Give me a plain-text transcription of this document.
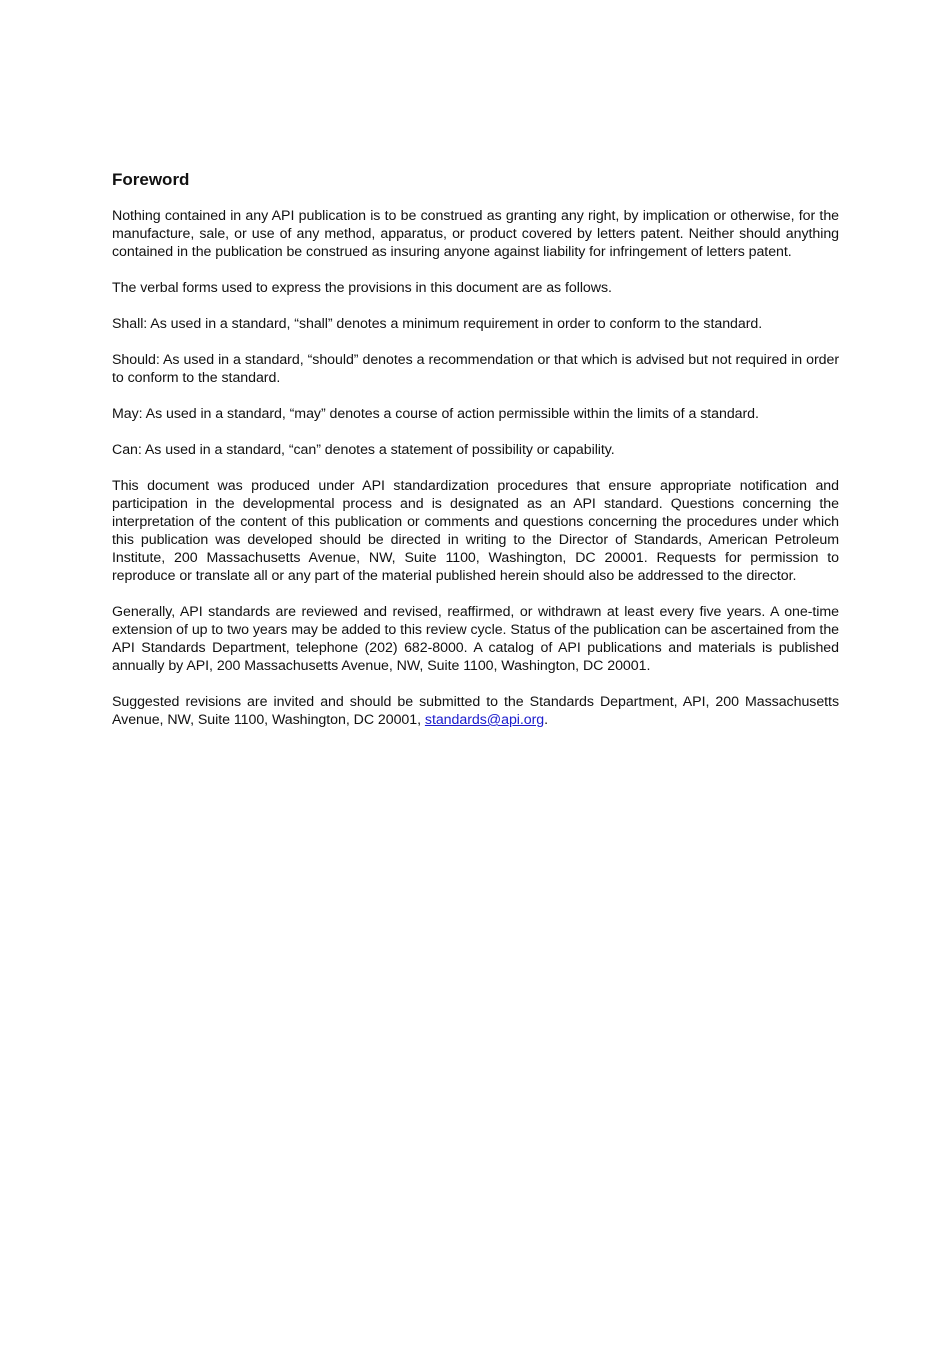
Foreword

Nothing contained in any API publication is to be construed as granting any right, by implication or otherwise, for the manufacture, sale, or use of any method, apparatus, or product covered by letters patent. Neither should anything contained in the publication be construed as insuring anyone against liability for infringement of letters patent.

The verbal forms used to express the provisions in this document are as follows.

Shall: As used in a standard, “shall” denotes a minimum requirement in order to conform to the standard.

Should: As used in a standard, “should” denotes a recommendation or that which is advised but not required in order to conform to the standard.

May: As used in a standard, “may” denotes a course of action permissible within the limits of a standard.

Can: As used in a standard, “can” denotes a statement of possibility or capability.

This document was produced under API standardization procedures that ensure appropriate notification and participation in the developmental process and is designated as an API standard. Questions concerning the interpretation of the content of this publication or comments and questions concerning the procedures under which this publication was developed should be directed in writing to the Director of Standards, American Petroleum Institute, 200 Massachusetts Avenue, NW, Suite 1100, Washington, DC 20001. Requests for permission to reproduce or translate all or any part of the material published herein should also be addressed to the director.

Generally, API standards are reviewed and revised, reaffirmed, or withdrawn at least every five years. A one-time extension of up to two years may be added to this review cycle. Status of the publication can be ascertained from the API Standards Department, telephone (202) 682-8000. A catalog of API publications and materials is published annually by API, 200 Massachusetts Avenue, NW, Suite 1100, Washington, DC 20001.

Suggested revisions are invited and should be submitted to the Standards Department, API, 200 Massachusetts Avenue, NW, Suite 1100, Washington, DC 20001, standards@api.org.
